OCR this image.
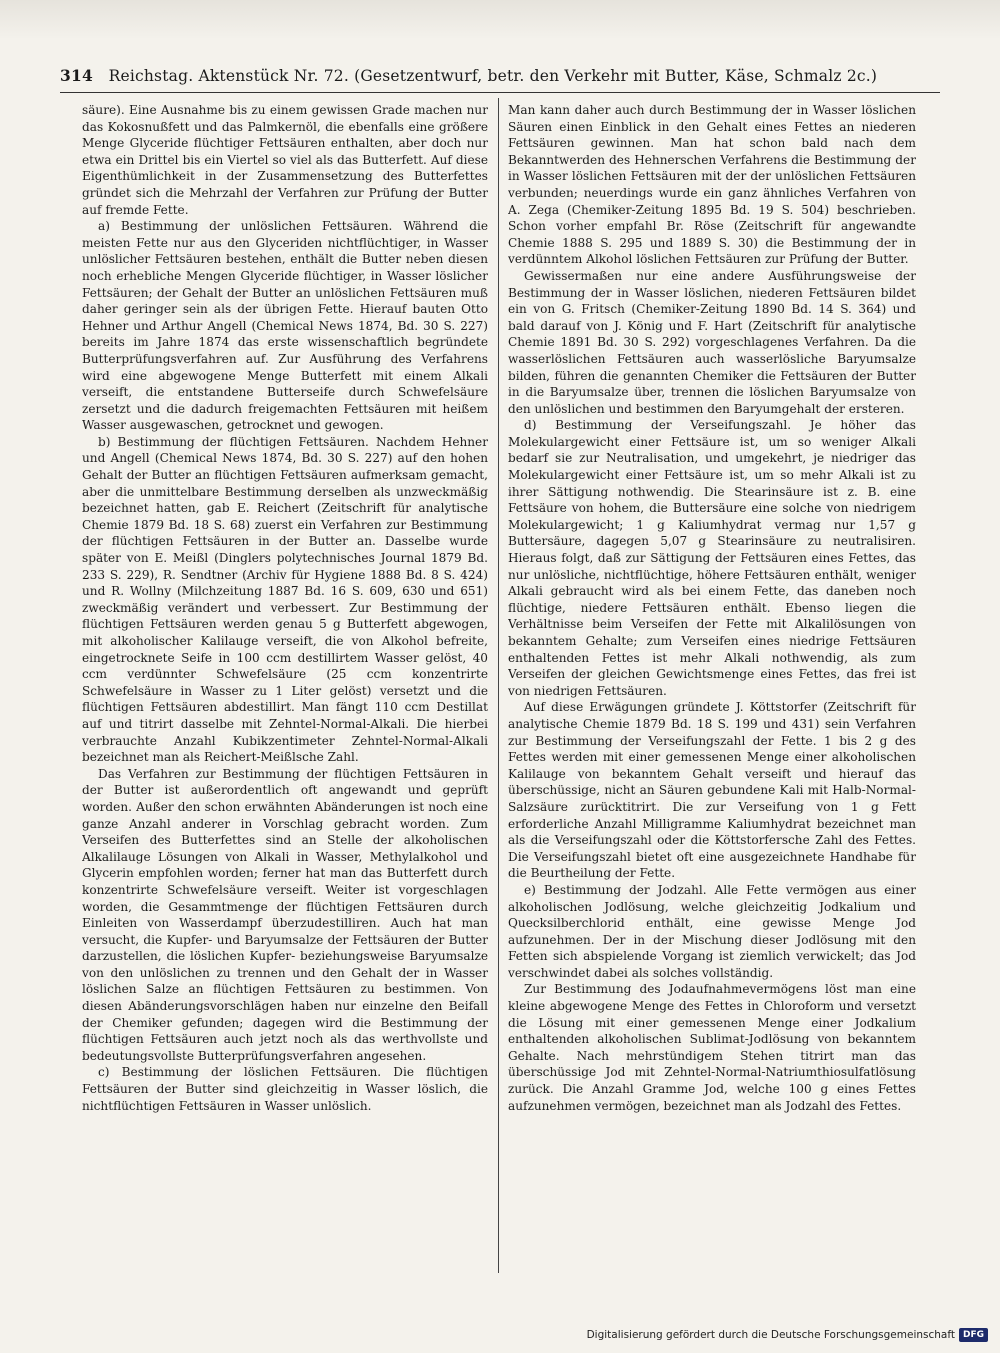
314 Reichstag. Aktenstück Nr. 72. (Gesetzentwurf, betr. den Verkehr mit Butter, Käse, Schmalz 2c.)

säure). Eine Ausnahme bis zu einem gewissen Grade machen nur das Kokosnußfett und das Palmkernöl, die ebenfalls eine größere Menge Glyceride flüchtiger Fettsäuren enthalten, aber doch nur etwa ein Drittel bis ein Viertel so viel als das Butterfett. Auf diese Eigenthümlichkeit in der Zusammensetzung des Butterfettes gründet sich die Mehrzahl der Verfahren zur Prüfung der Butter auf fremde Fette.

a) Bestimmung der unlöslichen Fettsäuren. Während die meisten Fette nur aus den Glyceriden nichtflüchtiger, in Wasser unlöslicher Fettsäuren bestehen, enthält die Butter neben diesen noch erhebliche Mengen Glyceride flüchtiger, in Wasser löslicher Fettsäuren; der Gehalt der Butter an unlöslichen Fettsäuren muß daher geringer sein als der übrigen Fette. Hierauf bauten Otto Hehner und Arthur Angell (Chemical News 1874, Bd. 30 S. 227) bereits im Jahre 1874 das erste wissenschaftlich begründete Butterprüfungsverfahren auf. Zur Ausführung des Verfahrens wird eine abgewogene Menge Butterfett mit einem Alkali verseift, die entstandene Butterseife durch Schwefelsäure zersetzt und die dadurch freigemachten Fettsäuren mit heißem Wasser ausgewaschen, getrocknet und gewogen.

b) Bestimmung der flüchtigen Fettsäuren. Nachdem Hehner und Angell (Chemical News 1874, Bd. 30 S. 227) auf den hohen Gehalt der Butter an flüchtigen Fettsäuren aufmerksam gemacht, aber die unmittelbare Bestimmung derselben als unzweckmäßig bezeichnet hatten, gab E. Reichert (Zeitschrift für analytische Chemie 1879 Bd. 18 S. 68) zuerst ein Verfahren zur Bestimmung der flüchtigen Fettsäuren in der Butter an. Dasselbe wurde später von E. Meißl (Dinglers polytechnisches Journal 1879 Bd. 233 S. 229), R. Sendtner (Archiv für Hygiene 1888 Bd. 8 S. 424) und R. Wollny (Milchzeitung 1887 Bd. 16 S. 609, 630 und 651) zweckmäßig verändert und verbessert. Zur Bestimmung der flüchtigen Fettsäuren werden genau 5 g Butterfett abgewogen, mit alkoholischer Kalilauge verseift, die von Alkohol befreite, eingetrocknete Seife in 100 ccm destillirtem Wasser gelöst, 40 ccm verdünnter Schwefelsäure (25 ccm konzentrirte Schwefelsäure in Wasser zu 1 Liter gelöst) versetzt und die flüchtigen Fettsäuren abdestillirt. Man fängt 110 ccm Destillat auf und titrirt dasselbe mit Zehntel-Normal-Alkali. Die hierbei verbrauchte Anzahl Kubikzentimeter Zehntel-Normal-Alkali bezeichnet man als Reichert-Meißlsche Zahl.

Das Verfahren zur Bestimmung der flüchtigen Fettsäuren in der Butter ist außerordentlich oft angewandt und geprüft worden. Außer den schon erwähnten Abänderungen ist noch eine ganze Anzahl anderer in Vorschlag gebracht worden. Zum Verseifen des Butterfettes sind an Stelle der alkoholischen Alkalilauge Lösungen von Alkali in Wasser, Methylalkohol und Glycerin empfohlen worden; ferner hat man das Butterfett durch konzentrirte Schwefelsäure verseift. Weiter ist vorgeschlagen worden, die Gesammtmenge der flüchtigen Fettsäuren durch Einleiten von Wasserdampf überzudestilliren. Auch hat man versucht, die Kupfer- und Baryumsalze der Fettsäuren der Butter darzustellen, die löslichen Kupfer- beziehungsweise Baryumsalze von den unlöslichen zu trennen und den Gehalt der in Wasser löslichen Salze an flüchtigen Fettsäuren zu bestimmen. Von diesen Abänderungsvorschlägen haben nur einzelne den Beifall der Chemiker gefunden; dagegen wird die Bestimmung der flüchtigen Fettsäuren auch jetzt noch als das werthvollste und bedeutungsvollste Butterprüfungsverfahren angesehen.

c) Bestimmung der löslichen Fettsäuren. Die flüchtigen Fettsäuren der Butter sind gleichzeitig in Wasser löslich, die nichtflüchtigen Fettsäuren in Wasser unlöslich.

Man kann daher auch durch Bestimmung der in Wasser löslichen Säuren einen Einblick in den Gehalt eines Fettes an niederen Fettsäuren gewinnen. Man hat schon bald nach dem Bekanntwerden des Hehnerschen Verfahrens die Bestimmung der in Wasser löslichen Fettsäuren mit der der unlöslichen Fettsäuren verbunden; neuerdings wurde ein ganz ähnliches Verfahren von A. Zega (Chemiker-Zeitung 1895 Bd. 19 S. 504) beschrieben. Schon vorher empfahl Br. Röse (Zeitschrift für angewandte Chemie 1888 S. 295 und 1889 S. 30) die Bestimmung der in verdünntem Alkohol löslichen Fettsäuren zur Prüfung der Butter.

Gewissermaßen nur eine andere Ausführungsweise der Bestimmung der in Wasser löslichen, niederen Fettsäuren bildet ein von G. Fritsch (Chemiker-Zeitung 1890 Bd. 14 S. 364) und bald darauf von J. König und F. Hart (Zeitschrift für analytische Chemie 1891 Bd. 30 S. 292) vorgeschlagenes Verfahren. Da die wasserlöslichen Fettsäuren auch wasserlösliche Baryumsalze bilden, führen die genannten Chemiker die Fettsäuren der Butter in die Baryumsalze über, trennen die löslichen Baryumsalze von den unlöslichen und bestimmen den Baryumgehalt der ersteren.

d) Bestimmung der Verseifungszahl. Je höher das Molekulargewicht einer Fettsäure ist, um so weniger Alkali bedarf sie zur Neutralisation, und umgekehrt, je niedriger das Molekulargewicht einer Fettsäure ist, um so mehr Alkali ist zu ihrer Sättigung nothwendig. Die Stearinsäure ist z. B. eine Fettsäure von hohem, die Buttersäure eine solche von niedrigem Molekulargewicht; 1 g Kaliumhydrat vermag nur 1,57 g Buttersäure, dagegen 5,07 g Stearinsäure zu neutralisiren. Hieraus folgt, daß zur Sättigung der Fettsäuren eines Fettes, das nur unlösliche, nichtflüchtige, höhere Fettsäuren enthält, weniger Alkali gebraucht wird als bei einem Fette, das daneben noch flüchtige, niedere Fettsäuren enthält. Ebenso liegen die Verhältnisse beim Verseifen der Fette mit Alkalilösungen von bekanntem Gehalte; zum Verseifen eines niedrige Fettsäuren enthaltenden Fettes ist mehr Alkali nothwendig, als zum Verseifen der gleichen Gewichtsmenge eines Fettes, das frei ist von niedrigen Fettsäuren.

Auf diese Erwägungen gründete J. Köttstorfer (Zeitschrift für analytische Chemie 1879 Bd. 18 S. 199 und 431) sein Verfahren zur Bestimmung der Verseifungszahl der Fette. 1 bis 2 g des Fettes werden mit einer gemessenen Menge einer alkoholischen Kalilauge von bekanntem Gehalt verseift und hierauf das überschüssige, nicht an Säuren gebundene Kali mit Halb-Normal-Salzsäure zurücktitrirt. Die zur Verseifung von 1 g Fett erforderliche Anzahl Milligramme Kaliumhydrat bezeichnet man als die Verseifungszahl oder die Köttstorfersche Zahl des Fettes. Die Verseifungszahl bietet oft eine ausgezeichnete Handhabe für die Beurtheilung der Fette.

e) Bestimmung der Jodzahl. Alle Fette vermögen aus einer alkoholischen Jodlösung, welche gleichzeitig Jodkalium und Quecksilberchlorid enthält, eine gewisse Menge Jod aufzunehmen. Der in der Mischung dieser Jodlösung mit den Fetten sich abspielende Vorgang ist ziemlich verwickelt; das Jod verschwindet dabei als solches vollständig.

Zur Bestimmung des Jodaufnahmevermögens löst man eine kleine abgewogene Menge des Fettes in Chloroform und versetzt die Lösung mit einer gemessenen Menge einer Jodkalium enthaltenden alkoholischen Sublimat-Jodlösung von bekanntem Gehalte. Nach mehrstündigem Stehen titrirt man das überschüssige Jod mit Zehntel-Normal-Natriumthiosulfatlösung zurück. Die Anzahl Gramme Jod, welche 100 g eines Fettes aufzunehmen vermögen, bezeichnet man als Jodzahl des Fettes.

Digitalisierung gefördert durch die Deutsche Forschungsgemeinschaft DFG
